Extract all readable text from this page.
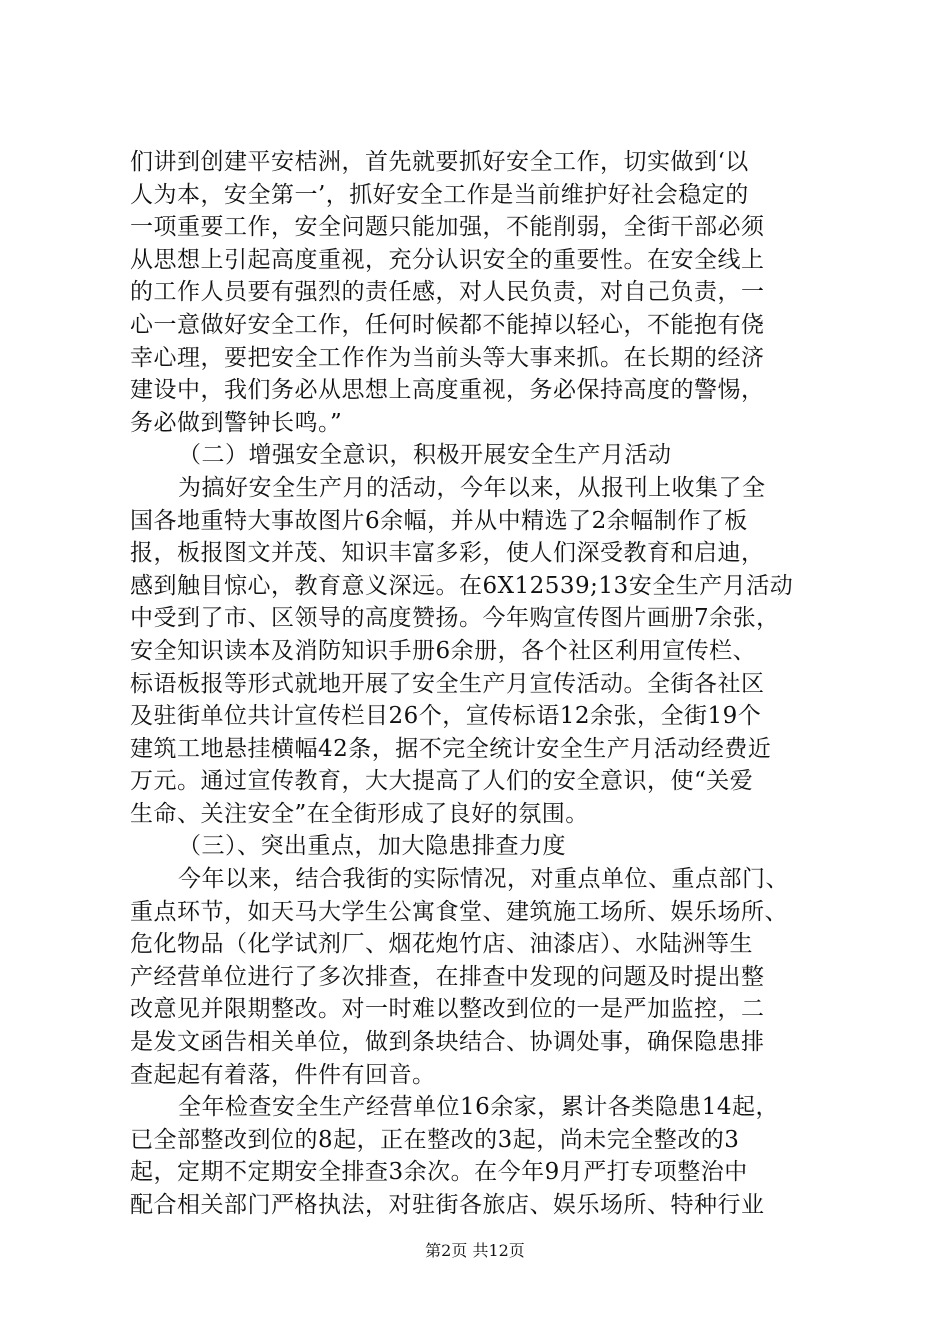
们讲到创建平安桔洲，首先就要抓好安全工作，切实做到‘以
人为本，安全第一’，抓好安全工作是当前维护好社会稳定的
一项重要工作，安全问题只能加强，不能削弱，全街干部必须
从思想上引起高度重视，充分认识安全的重要性。在安全线上
的工作人员要有强烈的责任感，对人民负责，对自己负责，一
心一意做好安全工作，任何时候都不能掉以轻心，不能抱有侥
幸心理，要把安全工作作为当前头等大事来抓。在长期的经济
建设中，我们务必从思想上高度重视，务必保持高度的警惕，
务必做到警钟长鸣。”
（二）增强安全意识，积极开展安全生产月活动
为搞好安全生产月的活动，今年以来，从报刊上收集了全
国各地重特大事故图片6余幅，并从中精选了2余幅制作了板
报，板报图文并茂、知识丰富多彩，使人们深受教育和启迪，
感到触目惊心，教育意义深远。在6X12539;13安全生产月活动
中受到了市、区领导的高度赞扬。今年购宣传图片画册7余张，
安全知识读本及消防知识手册6余册，各个社区利用宣传栏、
标语板报等形式就地开展了安全生产月宣传活动。全街各社区
及驻街单位共计宣传栏目26个，宣传标语12余张，全街19个
建筑工地悬挂横幅42条，据不完全统计安全生产月活动经费近
万元。通过宣传教育，大大提高了人们的安全意识，使“关爱
生命、关注安全”在全街形成了良好的氛围。
（三）、突出重点，加大隐患排查力度
今年以来，结合我街的实际情况，对重点单位、重点部门、
重点环节，如天马大学生公寓食堂、建筑施工场所、娱乐场所、
危化物品（化学试剂厂、烟花炮竹店、油漆店）、水陆洲等生
产经营单位进行了多次排查，在排查中发现的问题及时提出整
改意见并限期整改。对一时难以整改到位的一是严加监控，二
是发文函告相关单位，做到条块结合、协调处事，确保隐患排
查起起有着落，件件有回音。
全年检查安全生产经营单位16余家，累计各类隐患14起，
已全部整改到位的8起，正在整改的3起，尚未完全整改的3
起，定期不定期安全排查3余次。在今年9月严打专项整治中
配合相关部门严格执法，对驻街各旅店、娱乐场所、特种行业
第2页 共12页
